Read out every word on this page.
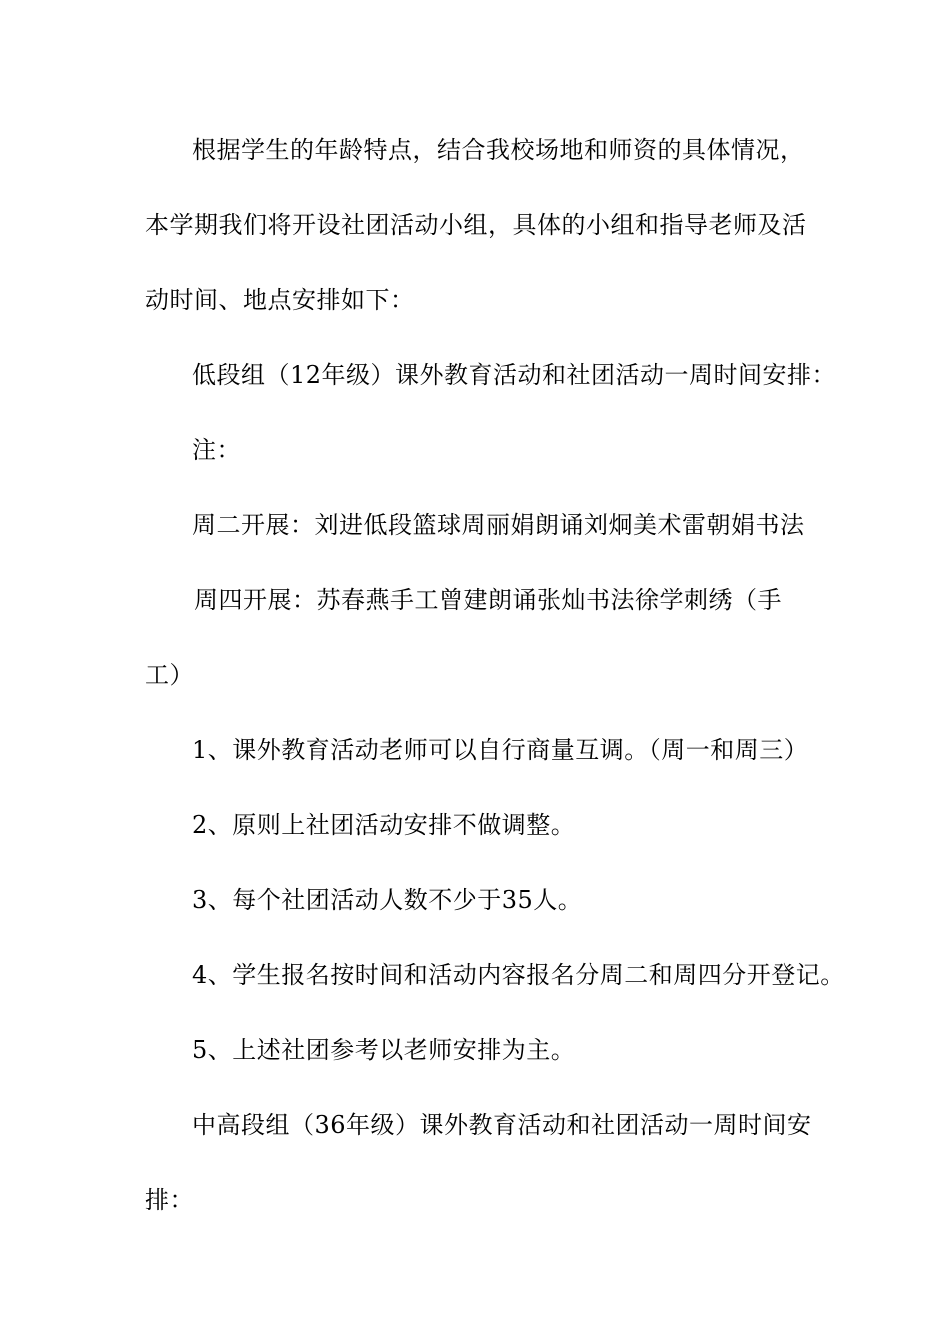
根据学生的年龄特点，结合我校场地和师资的具体情况，
本学期我们将开设社团活动小组，具体的小组和指导老师及活
动时间、地点安排如下：
低段组（12年级）课外教育活动和社团活动一周时间安排：
注：
周二开展：刘进低段篮球周丽娟朗诵刘炯美术雷朝娟书法
周四开展：苏春燕手工曾建朗诵张灿书法徐学刺绣（手
工）
1、课外教育活动老师可以自行商量互调。（周一和周三）
2、原则上社团活动安排不做调整。
3、每个社团活动人数不少于35人。
4、学生报名按时间和活动内容报名分周二和周四分开登记。
5、上述社团参考以老师安排为主。
中高段组（36年级）课外教育活动和社团活动一周时间安
排：
